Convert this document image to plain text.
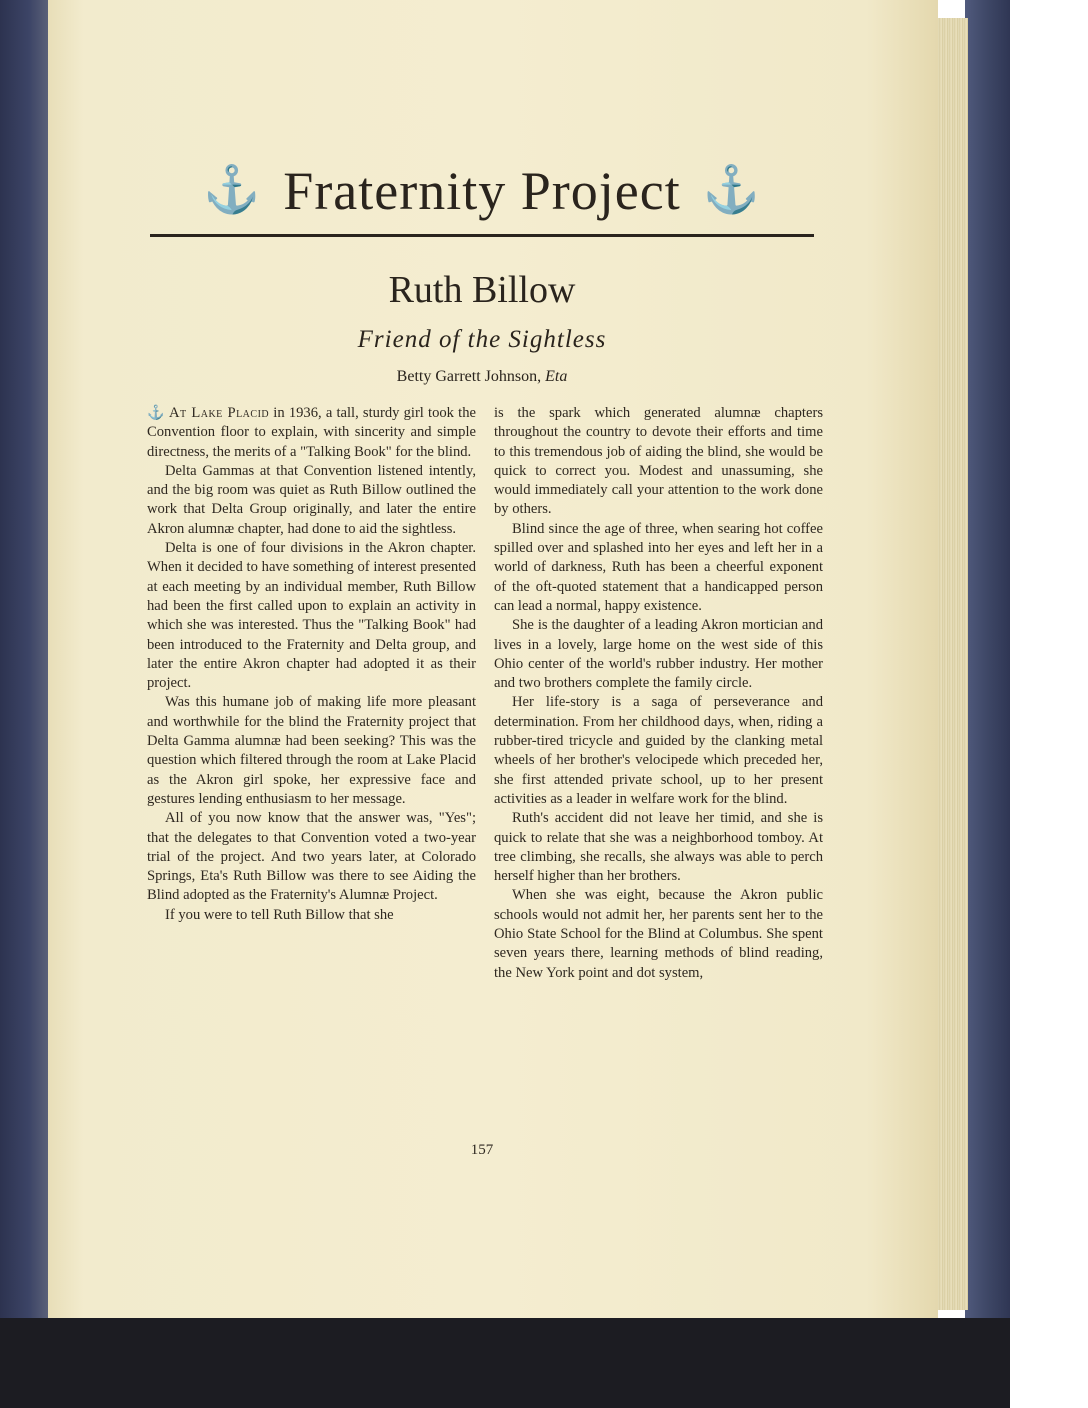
⚓ Fraternity Project ⚓
Ruth Billow
Friend of the Sightless
Betty Garrett Johnson, Eta

⚓ At Lake Placid in 1936, a tall, sturdy girl took the Convention floor to explain, with sincerity and simple directness, the merits of a "Talking Book" for the blind.

Delta Gammas at that Convention listened intently, and the big room was quiet as Ruth Billow outlined the work that Delta Group originally, and later the entire Akron alumnæ chapter, had done to aid the sightless.

Delta is one of four divisions in the Akron chapter. When it decided to have something of interest presented at each meeting by an individual member, Ruth Billow had been the first called upon to explain an activity in which she was interested. Thus the "Talking Book" had been introduced to the Fraternity and Delta group, and later the entire Akron chapter had adopted it as their project.

Was this humane job of making life more pleasant and worthwhile for the blind the Fraternity project that Delta Gamma alumnæ had been seeking? This was the question which filtered through the room at Lake Placid as the Akron girl spoke, her expressive face and gestures lending enthusiasm to her message.

All of you now know that the answer was, "Yes"; that the delegates to that Convention voted a two-year trial of the project. And two years later, at Colorado Springs, Eta's Ruth Billow was there to see Aiding the Blind adopted as the Fraternity's Alumnæ Project.

If you were to tell Ruth Billow that she

is the spark which generated alumnæ chapters throughout the country to devote their efforts and time to this tremendous job of aiding the blind, she would be quick to correct you. Modest and unassuming, she would immediately call your attention to the work done by others.

Blind since the age of three, when searing hot coffee spilled over and splashed into her eyes and left her in a world of darkness, Ruth has been a cheerful exponent of the oft-quoted statement that a handicapped person can lead a normal, happy existence.

She is the daughter of a leading Akron mortician and lives in a lovely, large home on the west side of this Ohio center of the world's rubber industry. Her mother and two brothers complete the family circle.

Her life-story is a saga of perseverance and determination. From her childhood days, when, riding a rubber-tired tricycle and guided by the clanking metal wheels of her brother's velocipede which preceded her, she first attended private school, up to her present activities as a leader in welfare work for the blind.

Ruth's accident did not leave her timid, and she is quick to relate that she was a neighborhood tomboy. At tree climbing, she recalls, she always was able to perch herself higher than her brothers.

When she was eight, because the Akron public schools would not admit her, her parents sent her to the Ohio State School for the Blind at Columbus. She spent seven years there, learning methods of blind reading, the New York point and dot system,

157
